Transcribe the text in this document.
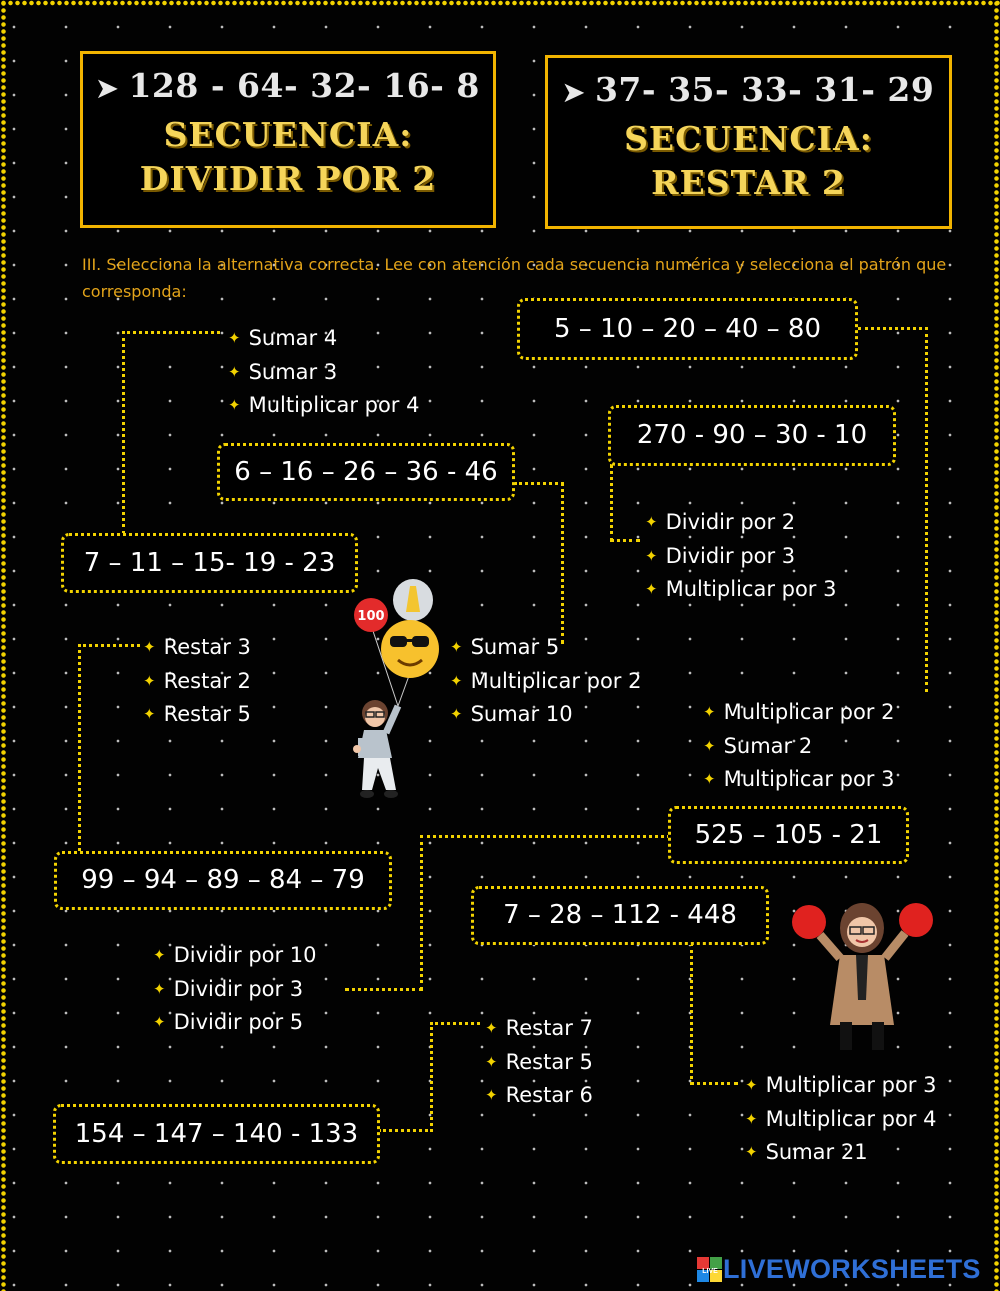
➤ 128 - 64- 32- 16- 8
SECUENCIA:
DIVIDIR POR 2
➤ 37- 35- 33- 31- 29
SECUENCIA:
RESTAR 2
III. Selecciona la alternativa correcta. Lee con atención cada secuencia numérica y selecciona el patrón que corresponda:
5 – 10 – 20 – 40 – 80
270 - 90 – 30 - 10
6 – 16 – 26 – 36 - 46
7 – 11 – 15- 19 - 23
99 – 94 – 89 – 84 – 79
525 – 105 - 21
7 – 28 – 112 - 448
154 – 147 – 140 - 133
✦ Sumar 4
✦ Sumar 3
✦ Multiplicar por 4
✦ Dividir por 2
✦ Dividir por 3
✦ Multiplicar por 3
✦ Restar 3
✦ Restar 2
✦ Restar 5
✦ Sumar 5
✦ Multiplicar por 2
✦ Sumar 10	✦ Multiplicar por 2
✦ Sumar 2
✦ Multiplicar por 3
✦ Dividir por 10
✦ Dividir por 3
✦ Dividir por 5	✦ Restar 7
✦ Restar 5
✦ Restar 6	✦ Multiplicar por 3
✦ Multiplicar por 4
✦ Sumar 21
100
LIVE LIVEWORKSHEETS
